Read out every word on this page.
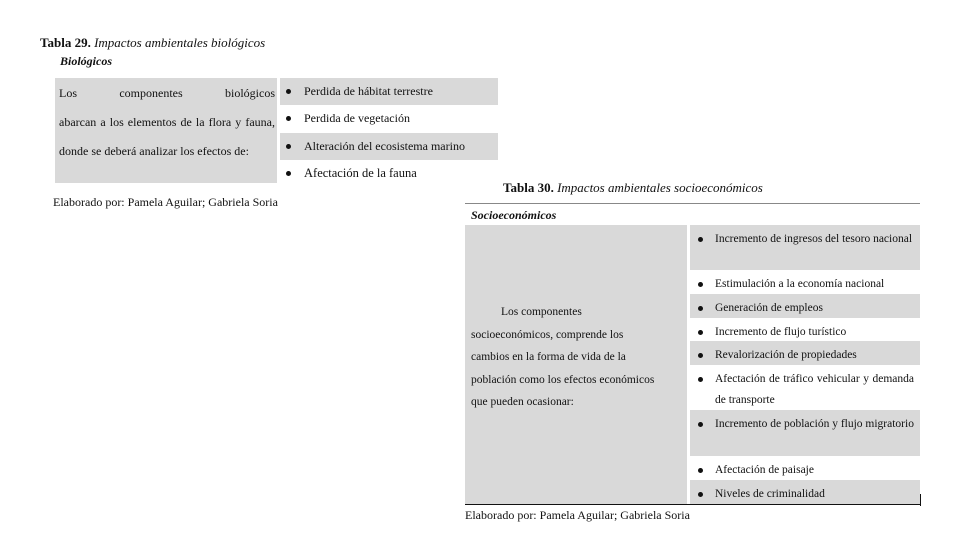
Tabla 29. Impactos ambientales biológicos
Biológicos
Los componentes biológicos
abarcan a los elementos de la flora y fauna,
donde se deberá analizar los efectos de:
Perdida de hábitat terrestre
Perdida de vegetación
Alteración del ecosistema marino
Afectación de la fauna
Elaborado por: Pamela Aguilar; Gabriela Soria
Tabla 30. Impactos ambientales socioeconómicos
Socioeconómicos
Los componentes
socioeconómicos, comprende los
cambios en la forma de vida de la
población como los efectos económicos
que pueden ocasionar:
Incremento de ingresos del tesoro nacional
Estimulación a la economía nacional
Generación de empleos
Incremento de flujo turístico
Revalorización de propiedades
Afectación de tráfico vehicular y demanda de transporte
Incremento de población y flujo migratorio
Afectación de paisaje
Niveles de criminalidad
Elaborado por: Pamela Aguilar; Gabriela Soria
